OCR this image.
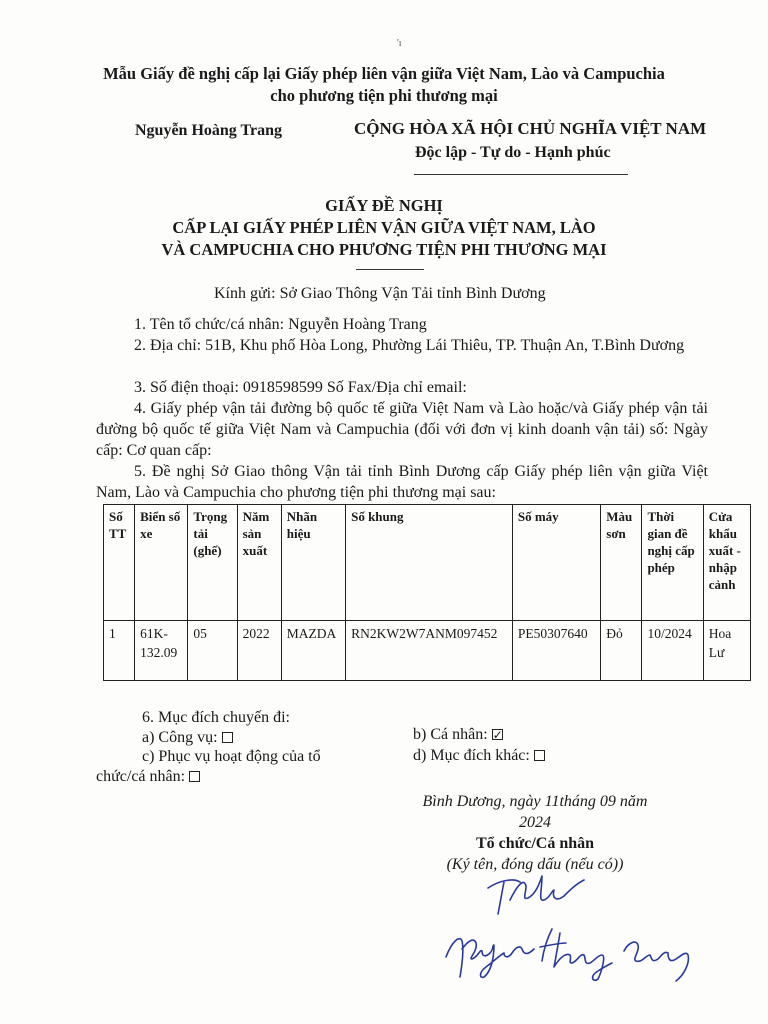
'ı
Mẫu Giấy đề nghị cấp lại Giấy phép liên vận giữa Việt Nam, Lào và Campuchia
cho phương tiện phi thương mại
Nguyễn Hoàng Trang	CỘNG HÒA XÃ HỘI CHỦ NGHĨA VIỆT NAM
Độc lập - Tự do - Hạnh phúc
GIẤY ĐỀ NGHỊ
CẤP LẠI GIẤY PHÉP LIÊN VẬN GIỮA VIỆT NAM, LÀO
VÀ CAMPUCHIA CHO PHƯƠNG TIỆN PHI THƯƠNG MẠI
Kính gửi: Sở Giao Thông Vận Tải tỉnh Bình Dương
1. Tên tổ chức/cá nhân: Nguyễn Hoàng Trang
2. Địa chỉ: 51B, Khu phố Hòa Long, Phường Lái Thiêu, TP. Thuận An, T.Bình Dương
3. Số điện thoại: 0918598599 Số Fax/Địa chỉ email:
4. Giấy phép vận tải đường bộ quốc tế giữa Việt Nam và Lào hoặc/và Giấy phép vận tải đường bộ quốc tế giữa Việt Nam và Campuchia (đối với đơn vị kinh doanh vận tải) số: Ngày cấp: Cơ quan cấp:
5. Đề nghị Sở Giao thông Vận tải tỉnh Bình Dương cấp Giấy phép liên vận giữa Việt Nam, Lào và Campuchia cho phương tiện phi thương mại sau:
Số TT	Biển số xe	Trọng tải (ghế)	Năm sản xuất	Nhãn hiệu	Số khung	Số máy	Màu sơn	Thời gian đề nghị cấp phép	Cửa khẩu xuất - nhập cảnh
1	61K-132.09	05	2022	MAZDA	RN2KW2W7ANM097452	PE50307640	Đỏ	10/2024	Hoa Lư
6. Mục đích chuyến đi:
a) Công vụ:	b) Cá nhân:✓
c) Phục vụ hoạt động của tổ
chức/cá nhân:
d) Mục đích khác:
Bình Dương, ngày 11tháng 09 năm
2024
Tổ chức/Cá nhân
(Ký tên, đóng dấu (nếu có))
